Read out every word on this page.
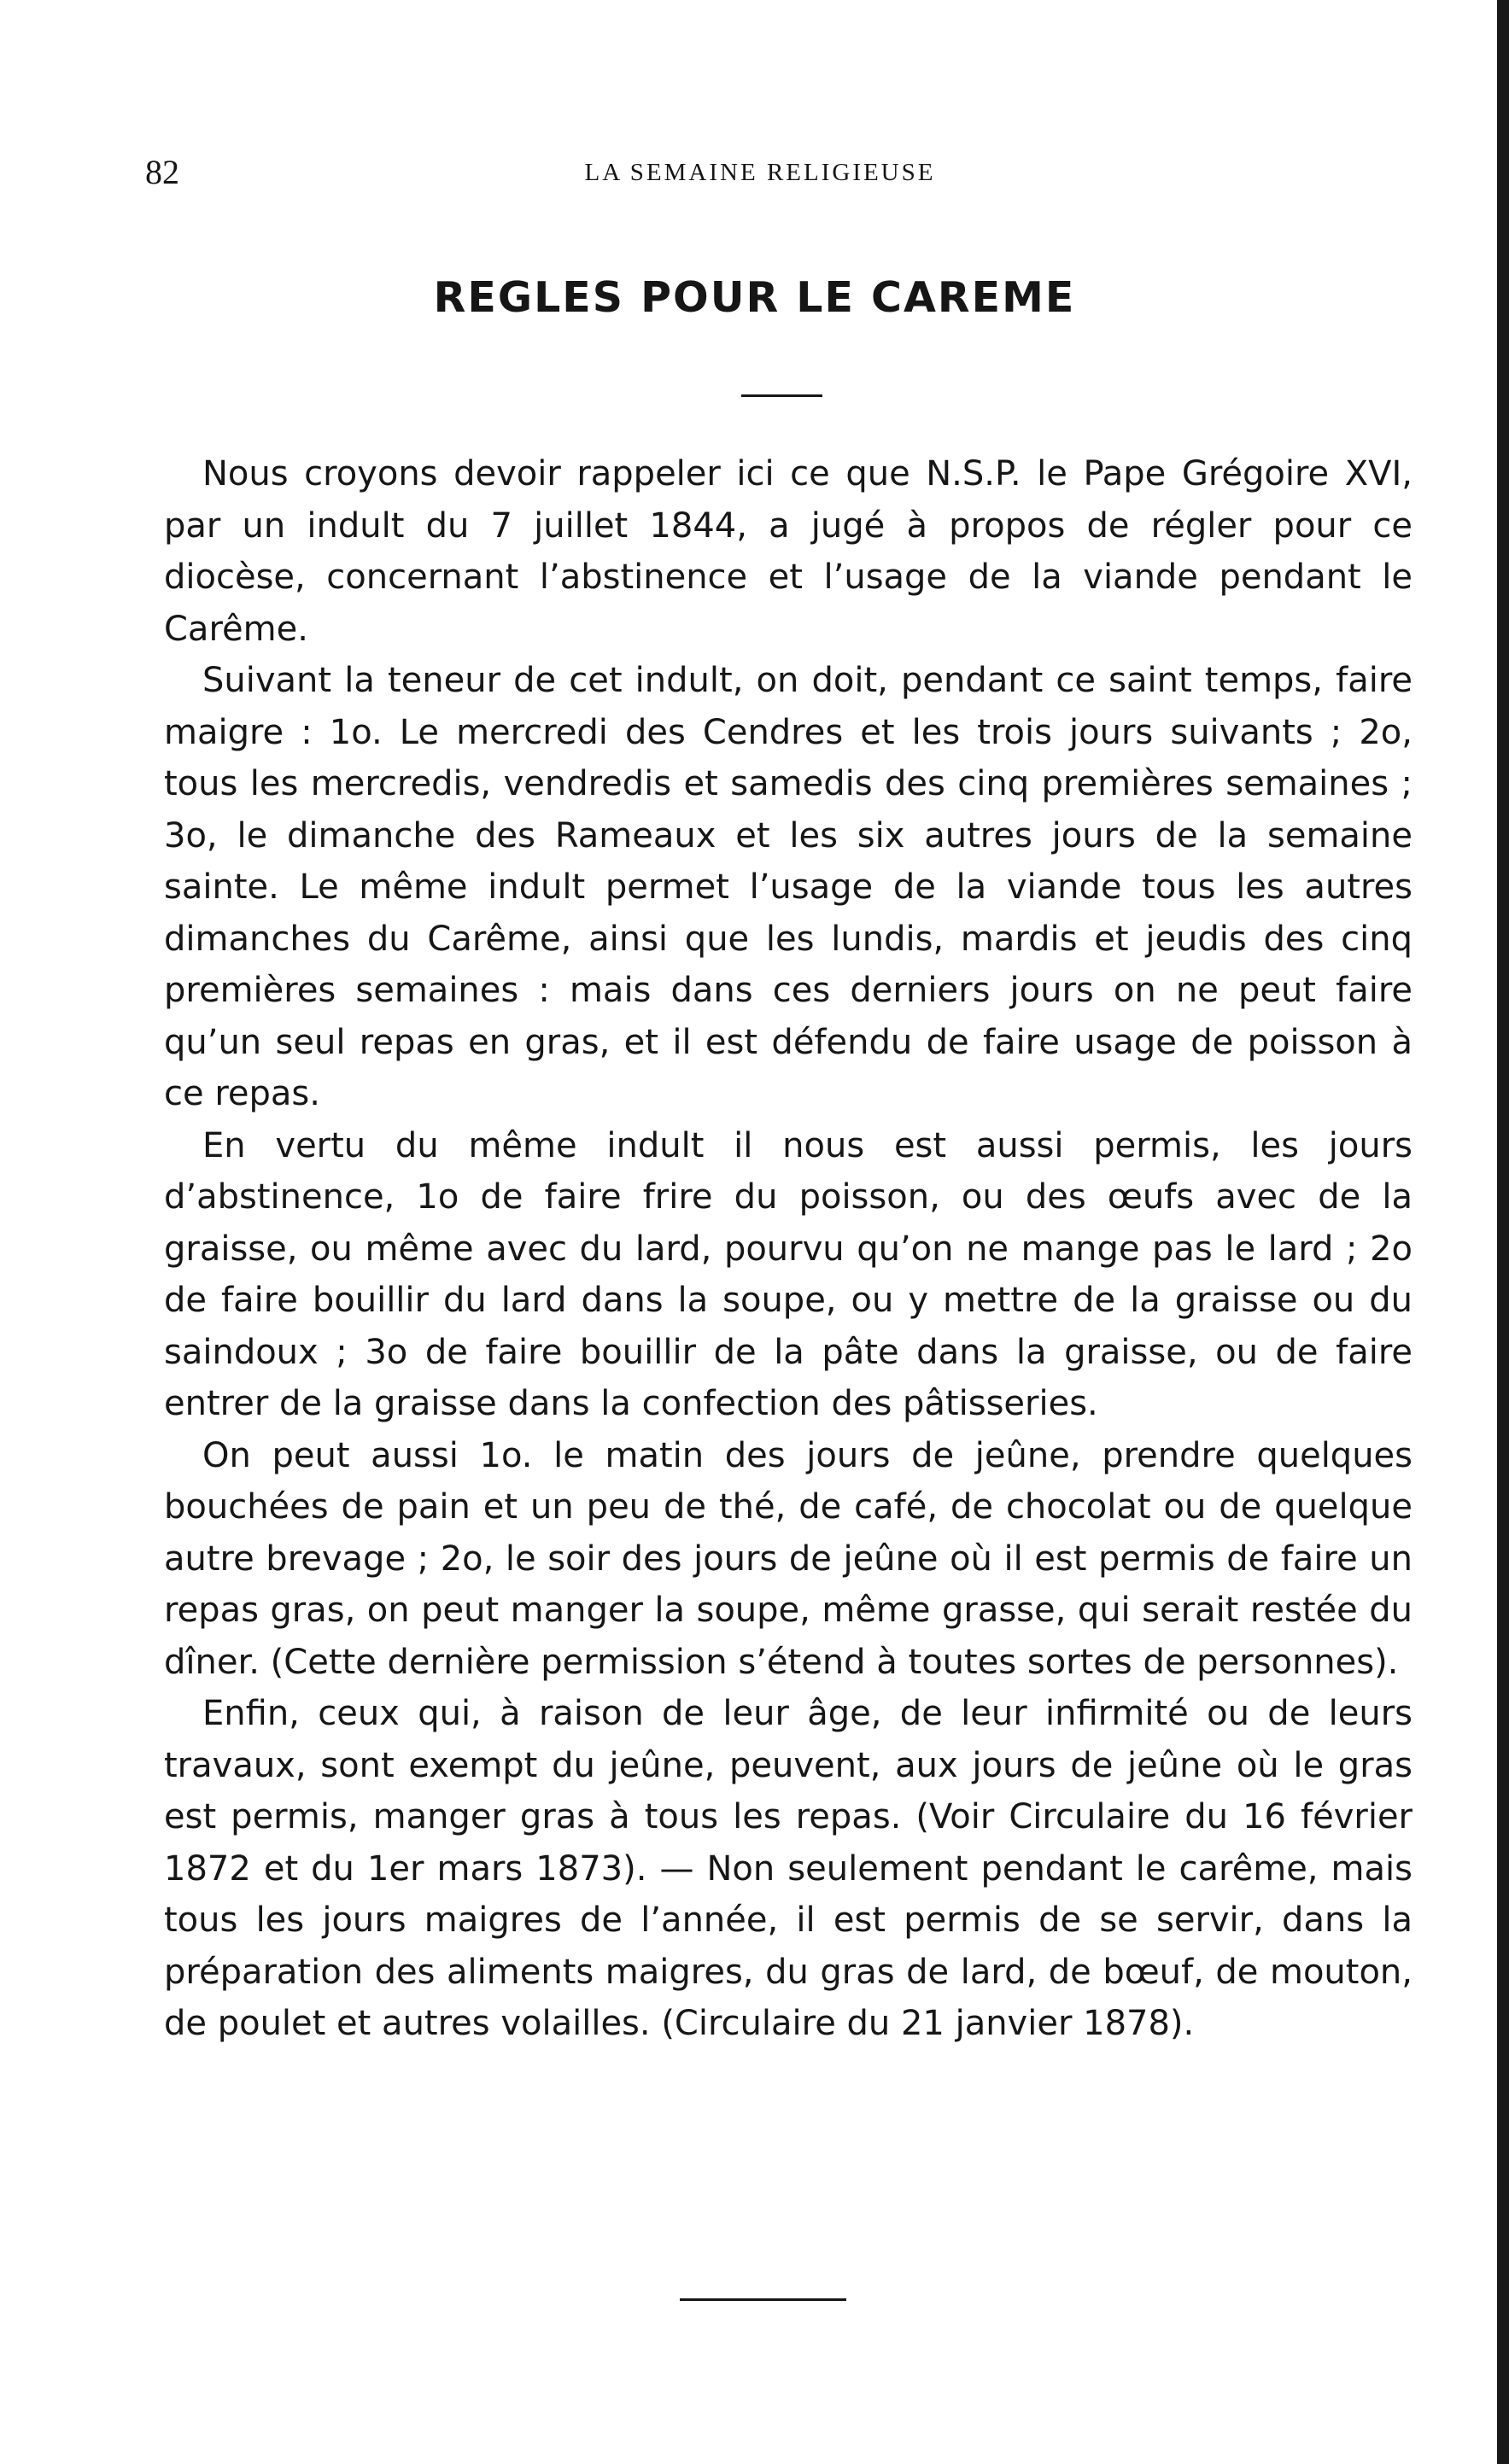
82	LA SEMAINE RELIGIEUSE
REGLES POUR LE CAREME

Nous croyons devoir rappeler ici ce que N.S.P. le Pape Grégoire XVI, par un indult du 7 juillet 1844, a jugé à propos de régler pour ce diocèse, concernant l’abstinence et l’usage de la viande pendant le Carême.

Suivant la teneur de cet indult, on doit, pendant ce saint temps, faire maigre : 1o. Le mercredi des Cendres et les trois jours suivants ; 2o, tous les mercredis, vendredis et samedis des cinq premières semaines ; 3o, le dimanche des Rameaux et les six autres jours de la semaine sainte. Le même indult permet l’usage de la viande tous les autres dimanches du Carême, ainsi que les lundis, mardis et jeudis des cinq premières semaines : mais dans ces derniers jours on ne peut faire qu’un seul repas en gras, et il est défendu de faire usage de poisson à ce repas.

En vertu du même indult il nous est aussi permis, les jours d’abstinence, 1o de faire frire du poisson, ou des œufs avec de la graisse, ou même avec du lard, pourvu qu’on ne mange pas le lard ; 2o de faire bouillir du lard dans la soupe, ou y mettre de la graisse ou du saindoux ; 3o de faire bouillir de la pâte dans la graisse, ou de faire entrer de la graisse dans la confection des pâtisseries.

On peut aussi 1o. le matin des jours de jeûne, prendre quelques bouchées de pain et un peu de thé, de café, de chocolat ou de quelque autre brevage ; 2o, le soir des jours de jeûne où il est permis de faire un repas gras, on peut manger la soupe, même grasse, qui serait restée du dîner. (Cette dernière permission s’étend à toutes sortes de personnes).

Enfin, ceux qui, à raison de leur âge, de leur infirmité ou de leurs travaux, sont exempt du jeûne, peuvent, aux jours de jeûne où le gras est permis, manger gras à tous les repas. (Voir Circulaire du 16 février 1872 et du 1er mars 1873). — Non seulement pendant le carême, mais tous les jours maigres de l’année, il est permis de se servir, dans la préparation des aliments maigres, du gras de lard, de bœuf, de mouton, de poulet et autres volailles. (Circulaire du 21 janvier 1878).
